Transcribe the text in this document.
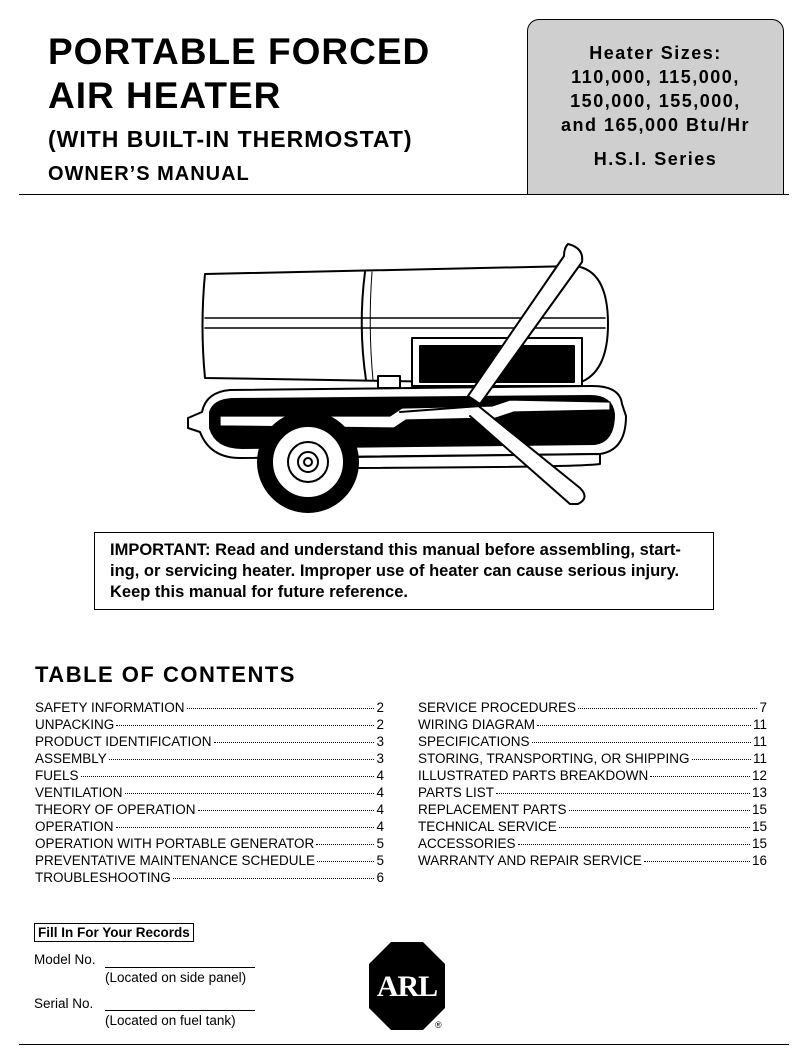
PORTABLE FORCED
AIR HEATER
(WITH BUILT-IN THERMOSTAT)
OWNER’S MANUAL
Heater Sizes:
110,000, 115,000,
150,000, 155,000,
and 165,000 Btu/Hr
H.S.I. Series
IMPORTANT: Read and understand this manual before assembling, start-
ing, or servicing heater. Improper use of heater can cause serious injury.
Keep this manual for future reference.
TABLE OF CONTENTS
SAFETY INFORMATION	2
UNPACKING	2
PRODUCT IDENTIFICATION	3
ASSEMBLY	3
FUELS	4
VENTILATION	4
THEORY OF OPERATION	4
OPERATION	4
OPERATION WITH PORTABLE GENERATOR	5
PREVENTATIVE MAINTENANCE SCHEDULE	5
TROUBLESHOOTING	6
SERVICE PROCEDURES	7
WIRING DIAGRAM	11
SPECIFICATIONS	11
STORING, TRANSPORTING, OR SHIPPING	11
ILLUSTRATED PARTS BREAKDOWN	12
PARTS LIST	13
REPLACEMENT PARTS	15
TECHNICAL SERVICE	15
ACCESSORIES	15
WARRANTY AND REPAIR SERVICE	16
Fill In For Your Records
Model No.
(Located on side panel)
Serial No.
(Located on fuel tank)
ARL
®
